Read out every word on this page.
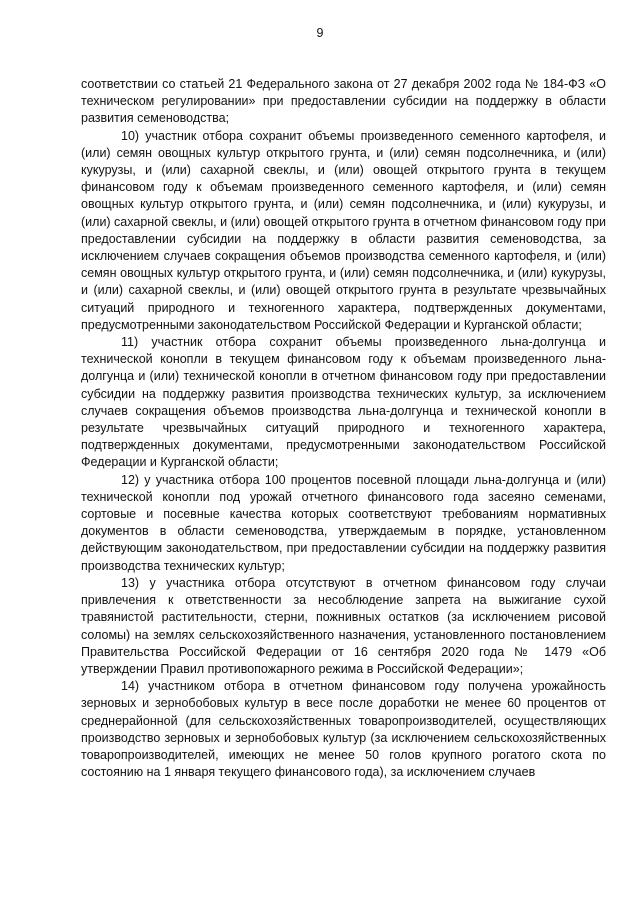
9

соответствии со статьей 21 Федерального закона от 27 декабря 2002 года № 184-ФЗ «О техническом регулировании» при предоставлении субсидии на поддержку в области развития семеноводства;

10) участник отбора сохранит объемы произведенного семенного картофеля, и (или) семян овощных культур открытого грунта, и (или) семян подсолнечника, и (или) кукурузы, и (или) сахарной свеклы, и (или) овощей открытого грунта в текущем финансовом году к объемам произведенного семенного картофеля, и (или) семян овощных культур открытого грунта, и (или) семян подсолнечника, и (или) кукурузы, и (или) сахарной свеклы, и (или) овощей открытого грунта в отчетном финансовом году при предоставлении субсидии на поддержку в области развития семеноводства, за исключением случаев сокращения объемов производства семенного картофеля, и (или) семян овощных культур открытого грунта, и (или) семян подсолнечника, и (или) кукурузы, и (или) сахарной свеклы, и (или) овощей открытого грунта в результате чрезвычайных ситуаций природного и техногенного характера, подтвержденных документами, предусмотренными законодательством Российской Федерации и Курганской области;

11) участник отбора сохранит объемы произведенного льна-долгунца и технической конопли в текущем финансовом году к объемам произведенного льна-долгунца и (или) технической конопли в отчетном финансовом году при предоставлении субсидии на поддержку развития производства технических культур, за исключением случаев сокращения объемов производства льна-долгунца и технической конопли в результате чрезвычайных ситуаций природного и техногенного характера, подтвержденных документами, предусмотренными законодательством Российской Федерации и Курганской области;

12) у участника отбора 100 процентов посевной площади льна-долгунца и (или) технической конопли под урожай отчетного финансового года засеяно семенами, сортовые и посевные качества которых соответствуют требованиям нормативных документов в области семеноводства, утверждаемым в порядке, установленном действующим законодательством, при предоставлении субсидии на поддержку развития производства технических культур;

13) у участника отбора отсутствуют в отчетном финансовом году случаи привлечения к ответственности за несоблюдение запрета на выжигание сухой травянистой растительности, стерни, пожнивных остатков (за исключением рисовой соломы) на землях сельскохозяйственного назначения, установленного постановлением Правительства Российской Федерации от 16 сентября 2020 года № 1479 «Об утверждении Правил противопожарного режима в Российской Федерации»;

14) участником отбора в отчетном финансовом году получена урожайность зерновых и зернобобовых культур в весе после доработки не менее 60 процентов от среднерайонной (для сельскохозяйственных товаропроизводителей, осуществляющих производство зерновых и зернобобовых культур (за исключением сельскохозяйственных товаропроизводителей, имеющих не менее 50 голов крупного рогатого скота по состоянию на 1 января текущего финансового года), за исключением случаев
